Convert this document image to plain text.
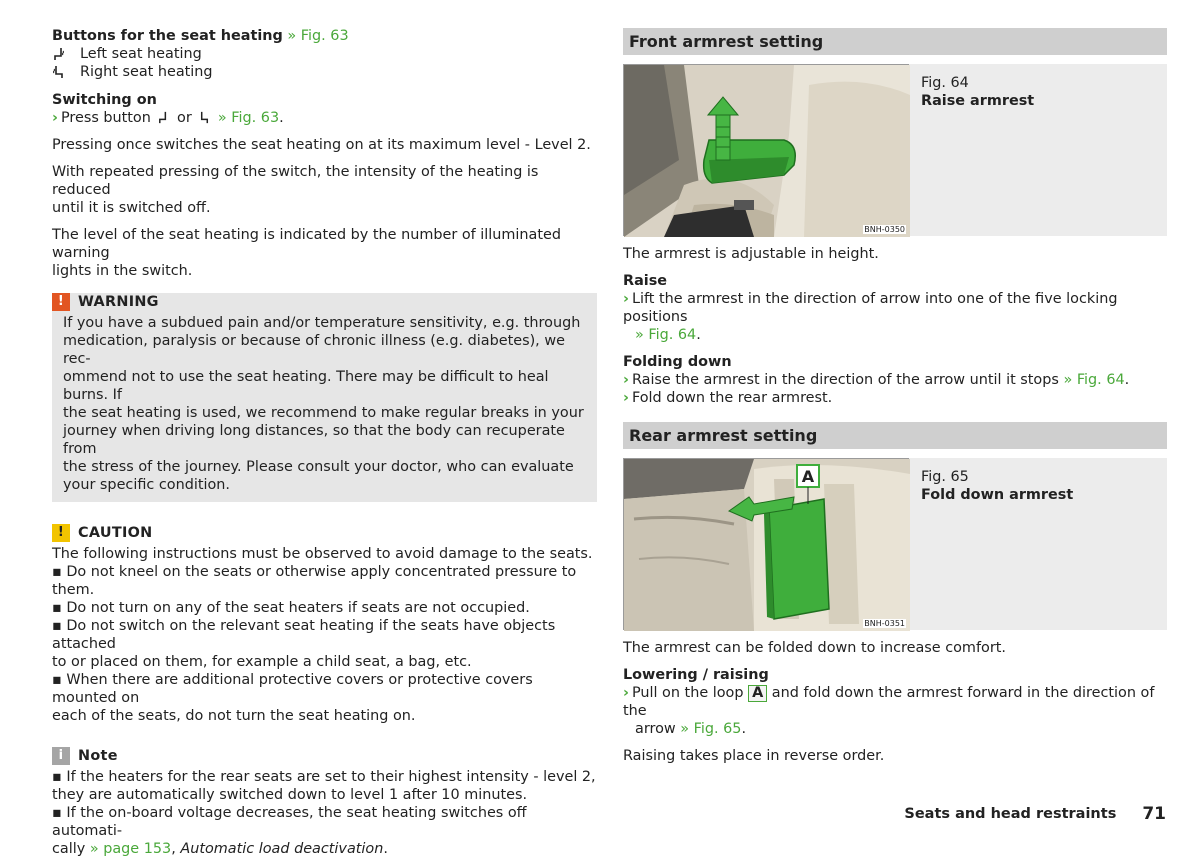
Buttons for the seat heating » Fig. 63
Left seat heating
Right seat heating
Switching on

› Press button or » Fig. 63.

Pressing once switches the seat heating on at its maximum level - Level 2.

With repeated pressing of the switch, the intensity of the heating is reduced
until it is switched off.

The level of the seat heating is indicated by the number of illuminated warning
lights in the switch.

! WARNING
If you have a subdued pain and/or temperature sensitivity, e.g. through
medication, paralysis or because of chronic illness (e.g. diabetes), we rec-
ommend not to use the seat heating. There may be difficult to heal burns. If
the seat heating is used, we recommend to make regular breaks in your
journey when driving long distances, so that the body can recuperate from
the stress of the journey. Please consult your doctor, who can evaluate
your specific condition.
! CAUTION
The following instructions must be observed to avoid damage to the seats.
▪ Do not kneel on the seats or otherwise apply concentrated pressure to them.
▪ Do not turn on any of the seat heaters if seats are not occupied.
▪ Do not switch on the relevant seat heating if the seats have objects attached
to or placed on them, for example a child seat, a bag, etc.
▪ When there are additional protective covers or protective covers mounted on
each of the seats, do not turn the seat heating on.
i	Note
▪ If the heaters for the rear seats are set to their highest intensity - level 2,
they are automatically switched down to level 1 after 10 minutes.
▪ If the on-board voltage decreases, the seat heating switches off automati-
cally » page 153, Automatic load deactivation.
Front armrest setting
BNH-0350
Fig. 64
Raise armrest

The armrest is adjustable in height.

Raise
› Lift the armrest in the direction of arrow into one of the five locking positions

» Fig. 64.

Folding down
› Raise the armrest in the direction of the arrow until it stops » Fig. 64.

› Fold down the rear armrest.

Rear armrest setting
A
BNH-0351
Fig. 65
Fold down armrest

The armrest can be folded down to increase comfort.

Lowering / raising
› Pull on the loop A and fold down the armrest forward in the direction of the

arrow » Fig. 65.

Raising takes place in reverse order.

Seats and head restraints 71
